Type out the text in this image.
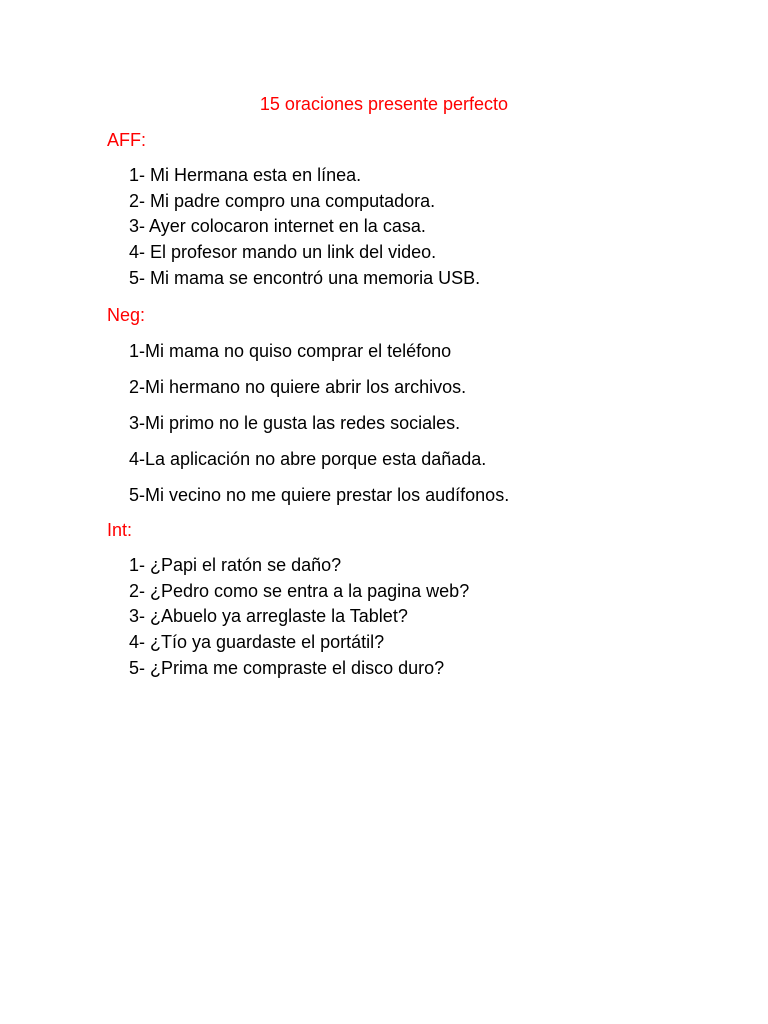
15 oraciones presente perfecto
AFF:
1- Mi Hermana esta en línea.
2- Mi padre compro una computadora.
3- Ayer colocaron internet en la casa.
4- El profesor mando un link del video.
5- Mi mama se encontró una memoria USB.
Neg:
1-Mi mama no quiso comprar el teléfono
2-Mi hermano no quiere abrir los archivos.
3-Mi primo no le gusta las redes sociales.
4-La aplicación no abre porque esta dañada.
5-Mi vecino no me quiere prestar los audífonos.
Int:
1- ¿Papi el ratón se daño?
2- ¿Pedro como se entra a la pagina web?
3- ¿Abuelo ya arreglaste la Tablet?
4- ¿Tío ya guardaste el portátil?
5- ¿Prima me compraste el disco duro?
